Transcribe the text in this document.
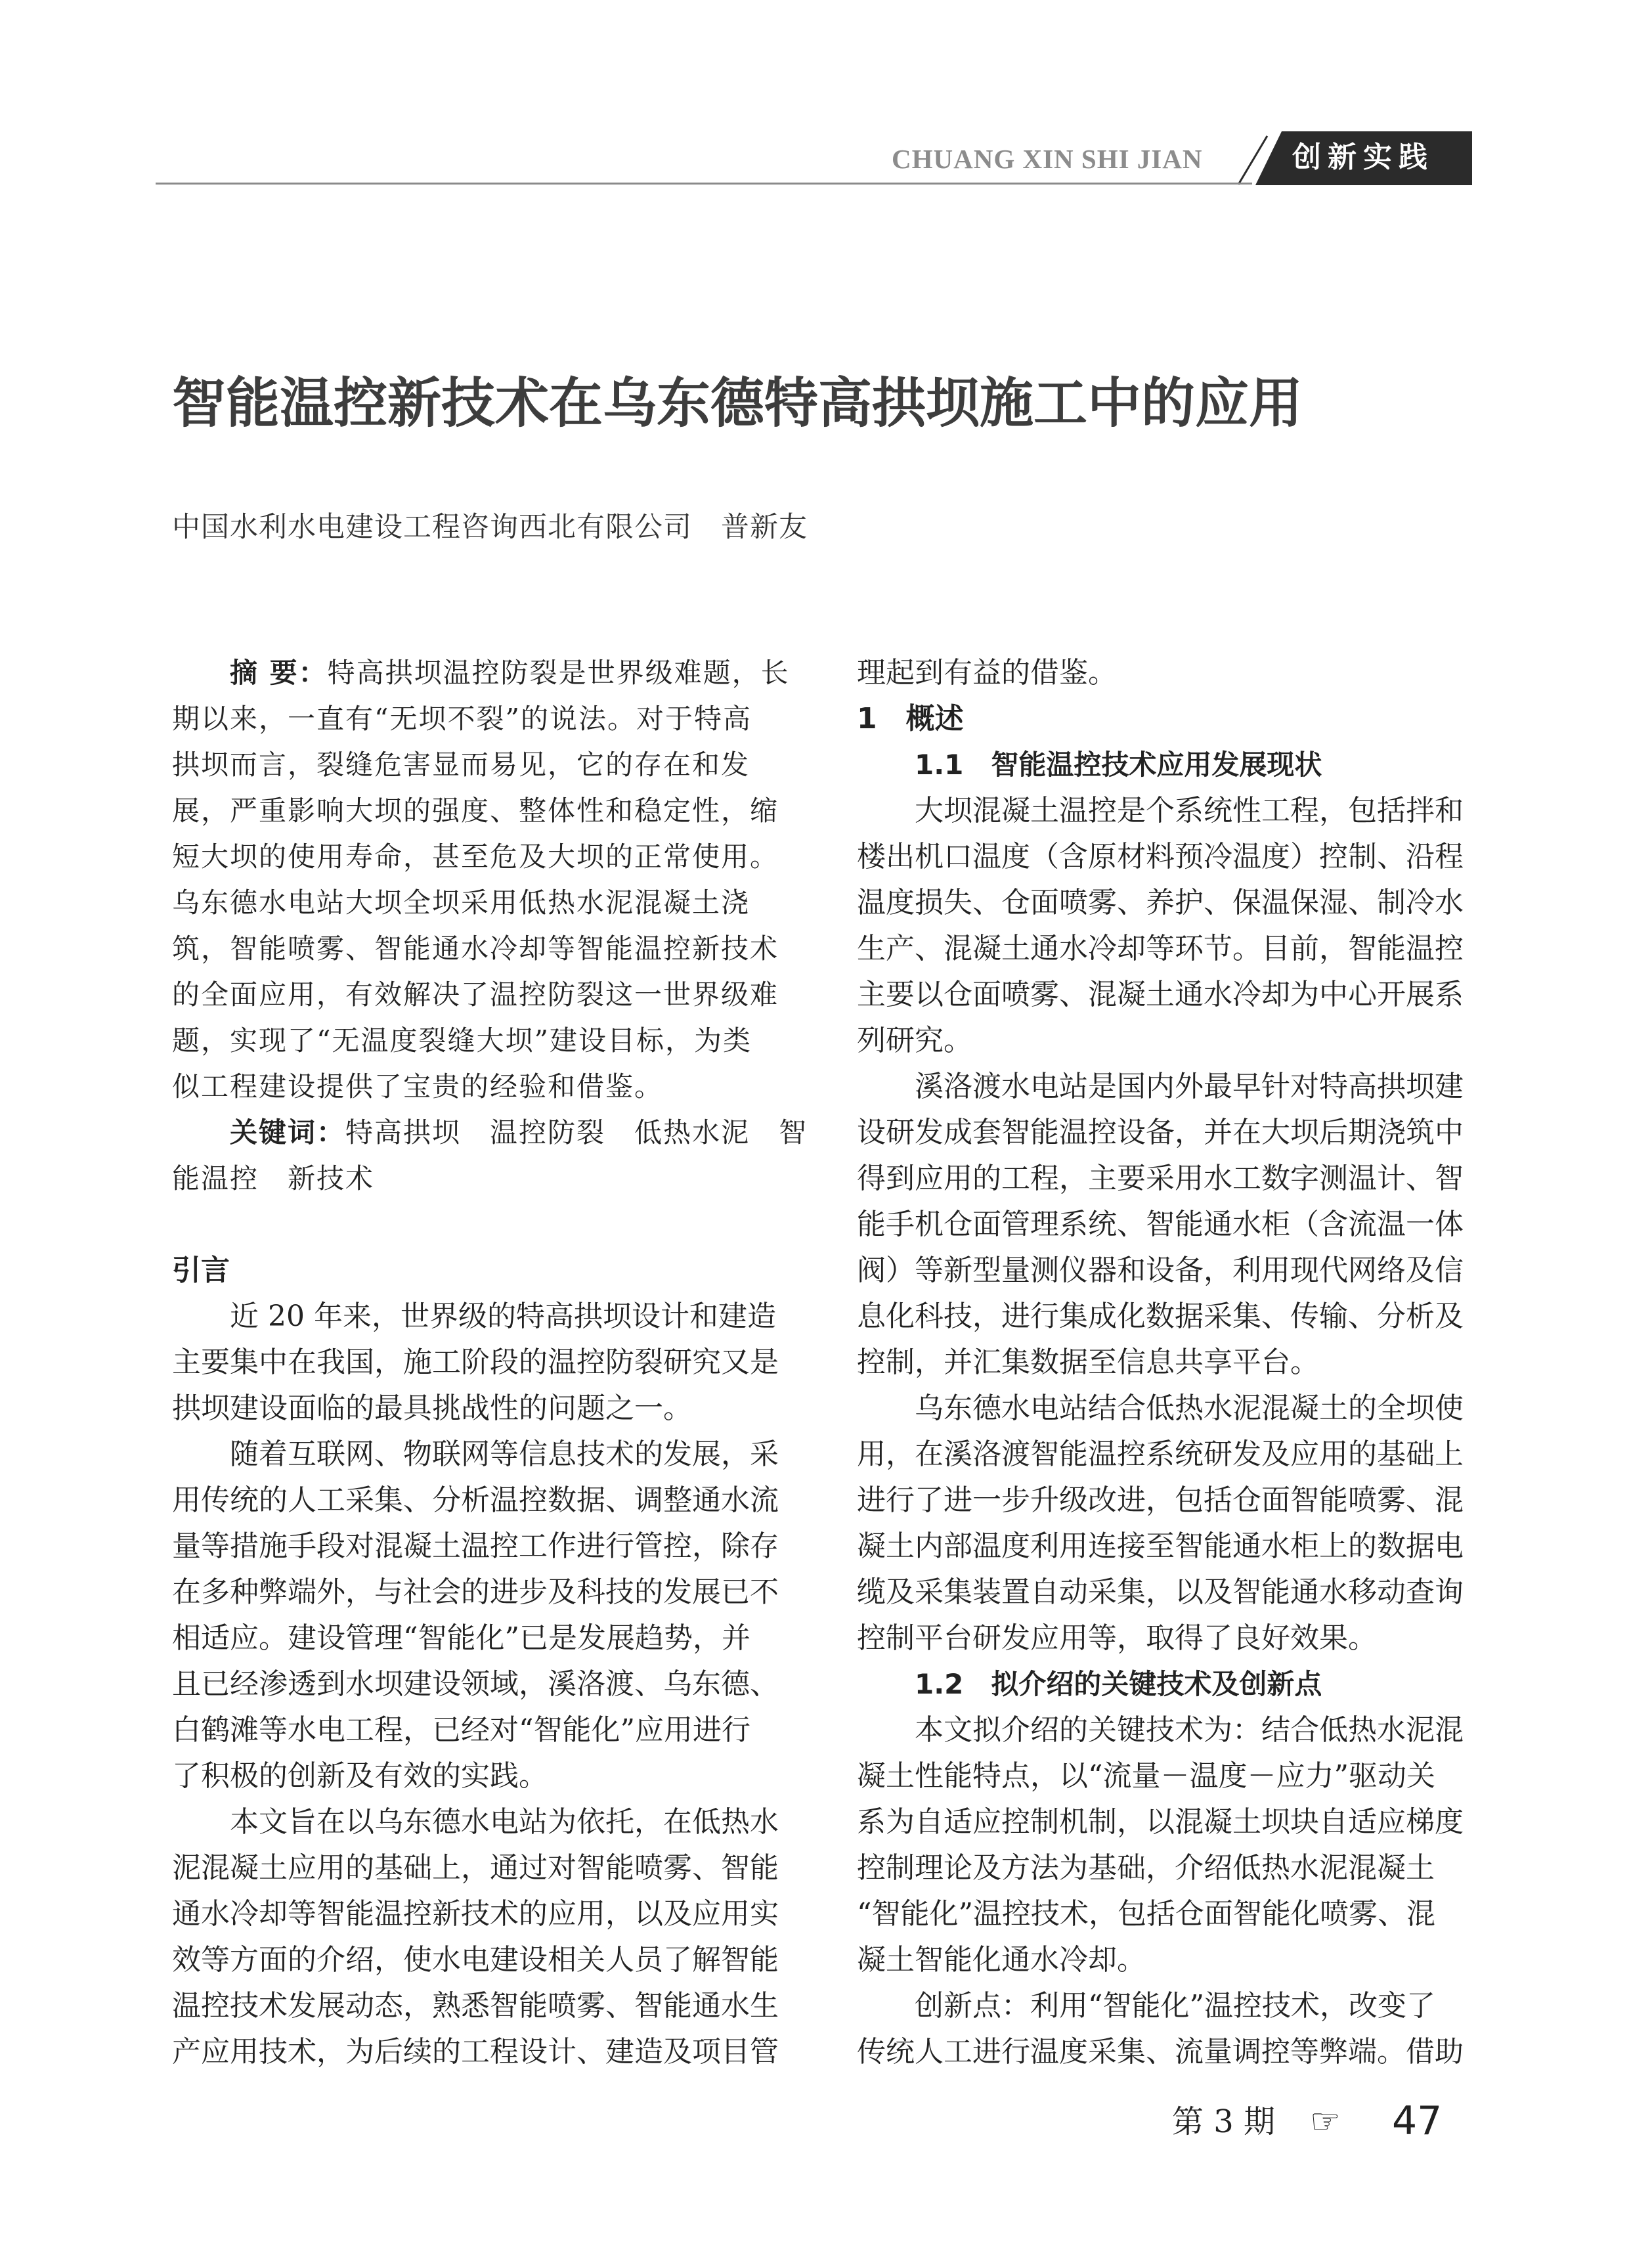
CHUANG XIN SHI JIAN	创新实践
智能温控新技术在乌东德特高拱坝施工中的应用
中国水利水电建设工程咨询西北有限公司　普新友
摘 要：特高拱坝温控防裂是世界级难题，长
期以来，一直有“无坝不裂”的说法。对于特高
拱坝而言，裂缝危害显而易见，它的存在和发
展，严重影响大坝的强度、整体性和稳定性，缩
短大坝的使用寿命，甚至危及大坝的正常使用。
乌东德水电站大坝全坝采用低热水泥混凝土浇
筑，智能喷雾、智能通水冷却等智能温控新技术
的全面应用，有效解决了温控防裂这一世界级难
题，实现了“无温度裂缝大坝”建设目标，为类
似工程建设提供了宝贵的经验和借鉴。
关键词：特高拱坝　温控防裂　低热水泥　智
能温控　新技术
引言
近 20 年来，世界级的特高拱坝设计和建造
主要集中在我国，施工阶段的温控防裂研究又是
拱坝建设面临的最具挑战性的问题之一。
随着互联网、物联网等信息技术的发展，采
用传统的人工采集、分析温控数据、调整通水流
量等措施手段对混凝土温控工作进行管控，除存
在多种弊端外，与社会的进步及科技的发展已不
相适应。建设管理“智能化”已是发展趋势，并
且已经渗透到水坝建设领域，溪洛渡、乌东德、
白鹤滩等水电工程，已经对“智能化”应用进行
了积极的创新及有效的实践。
本文旨在以乌东德水电站为依托，在低热水
泥混凝土应用的基础上，通过对智能喷雾、智能
通水冷却等智能温控新技术的应用，以及应用实
效等方面的介绍，使水电建设相关人员了解智能
温控技术发展动态，熟悉智能喷雾、智能通水生
产应用技术，为后续的工程设计、建造及项目管
理起到有益的借鉴。
1　概述
1.1　智能温控技术应用发展现状
大坝混凝土温控是个系统性工程，包括拌和
楼出机口温度（含原材料预冷温度）控制、沿程
温度损失、仓面喷雾、养护、保温保湿、制冷水
生产、混凝土通水冷却等环节。目前，智能温控
主要以仓面喷雾、混凝土通水冷却为中心开展系
列研究。
溪洛渡水电站是国内外最早针对特高拱坝建
设研发成套智能温控设备，并在大坝后期浇筑中
得到应用的工程，主要采用水工数字测温计、智
能手机仓面管理系统、智能通水柜（含流温一体
阀）等新型量测仪器和设备，利用现代网络及信
息化科技，进行集成化数据采集、传输、分析及
控制，并汇集数据至信息共享平台。
乌东德水电站结合低热水泥混凝土的全坝使
用，在溪洛渡智能温控系统研发及应用的基础上
进行了进一步升级改进，包括仓面智能喷雾、混
凝土内部温度利用连接至智能通水柜上的数据电
缆及采集装置自动采集，以及智能通水移动查询
控制平台研发应用等，取得了良好效果。
1.2　拟介绍的关键技术及创新点
本文拟介绍的关键技术为：结合低热水泥混
凝土性能特点，以“流量－温度－应力”驱动关
系为自适应控制机制，以混凝土坝块自适应梯度
控制理论及方法为基础，介绍低热水泥混凝土
“智能化”温控技术，包括仓面智能化喷雾、混
凝土智能化通水冷却。
创新点：利用“智能化”温控技术，改变了
传统人工进行温度采集、流量调控等弊端。借助
第 3 期	☞	47
